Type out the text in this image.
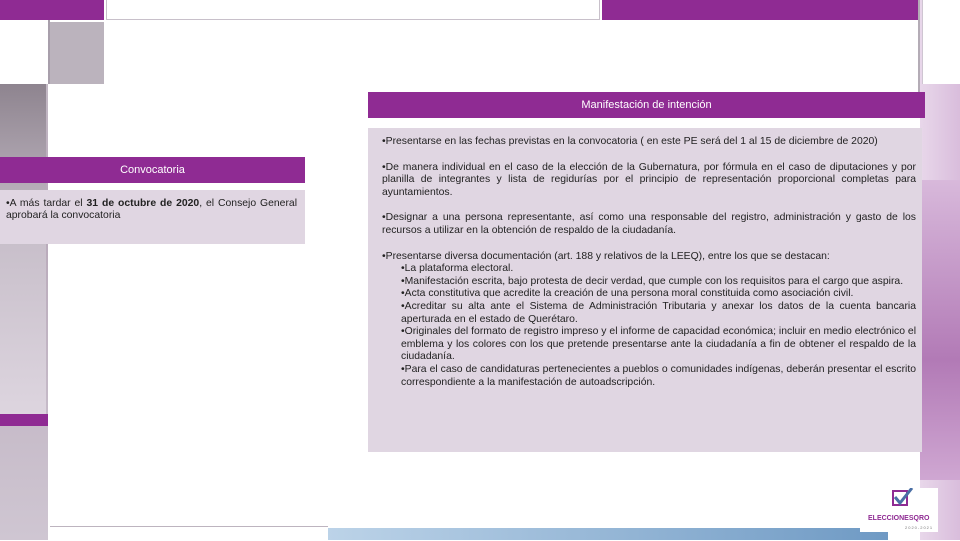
Manifestación de intención

•Presentarse en las fechas previstas en la convocatoria ( en este PE será del 1 al 15 de diciembre de 2020)

•De manera individual en el caso de la elección de la Gubernatura, por fórmula en el caso de diputaciones y por planilla de integrantes y lista de regidurías por el principio de representación proporcional completas para ayuntamientos.

•Designar a una persona representante, así como una responsable del registro, administración y gasto de los recursos a utilizar en la obtención de respaldo de la ciudadanía.

•Presentarse diversa documentación (art. 188 y relativos de la LEEQ), entre los que se destacan:

•La plataforma electoral.
•Manifestación escrita, bajo protesta de decir verdad, que cumple con los requisitos para el cargo que aspira.
•Acta constitutiva que acredite la creación de una persona moral constituida como asociación civil.
•Acreditar su alta ante el Sistema de Administración Tributaria y anexar los datos de la cuenta bancaria aperturada en el estado de Querétaro.
•Originales del formato de registro impreso y el informe de capacidad económica; incluir en medio electrónico el emblema y los colores con los que pretende presentarse ante la ciudadanía a fin de obtener el respaldo de la ciudadanía.
•Para el caso de candidaturas pertenecientes a pueblos o comunidades indígenas, deberán presentar el escrito correspondiente a la manifestación de autoadscripción.
Convocatoria
•A más tardar el 31 de octubre de 2020, el Consejo General aprobará la convocatoria
ELECCIONESQRO
2020-2021
